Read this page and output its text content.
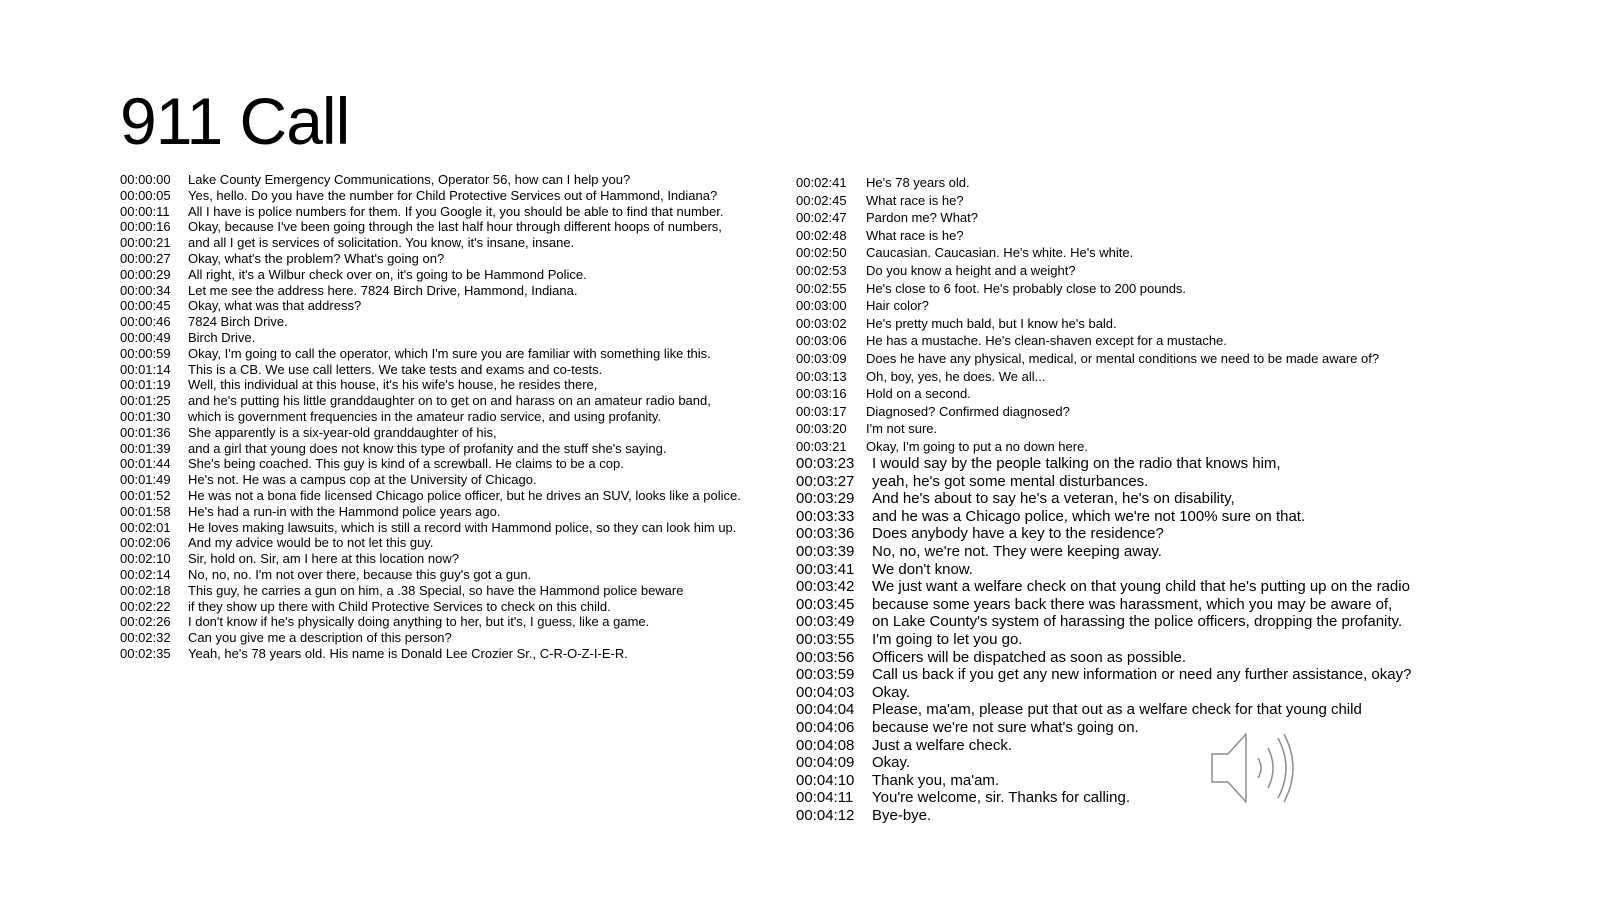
911 Call
00:00:00 Lake County Emergency Communications, Operator 56, how can I help you?
00:00:05 Yes, hello. Do you have the number for Child Protective Services out of Hammond, Indiana?
00:00:11 All I have is police numbers for them. If you Google it, you should be able to find that number.
00:00:16 Okay, because I've been going through the last half hour through different hoops of numbers,
00:00:21 and all I get is services of solicitation. You know, it's insane, insane.
00:00:27 Okay, what's the problem? What's going on?
00:00:29 All right, it's a Wilbur check over on, it's going to be Hammond Police.
00:00:34 Let me see the address here. 7824 Birch Drive, Hammond, Indiana.
00:00:45 Okay, what was that address?
00:00:46 7824 Birch Drive.
00:00:49 Birch Drive.
00:00:59 Okay, I'm going to call the operator, which I'm sure you are familiar with something like this.
00:01:14 This is a CB. We use call letters. We take tests and exams and co-tests.
00:01:19 Well, this individual at this house, it's his wife's house, he resides there,
00:01:25 and he's putting his little granddaughter on to get on and harass on an amateur radio band,
00:01:30 which is government frequencies in the amateur radio service, and using profanity.
00:01:36 She apparently is a six-year-old granddaughter of his,
00:01:39 and a girl that young does not know this type of profanity and the stuff she's saying.
00:01:44 She's being coached. This guy is kind of a screwball. He claims to be a cop.
00:01:49 He's not. He was a campus cop at the University of Chicago.
00:01:52 He was not a bona fide licensed Chicago police officer, but he drives an SUV, looks like a police.
00:01:58 He's had a run-in with the Hammond police years ago.
00:02:01 He loves making lawsuits, which is still a record with Hammond police, so they can look him up.
00:02:06 And my advice would be to not let this guy.
00:02:10 Sir, hold on. Sir, am I here at this location now?
00:02:14 No, no, no. I'm not over there, because this guy's got a gun.
00:02:18 This guy, he carries a gun on him, a .38 Special, so have the Hammond police beware
00:02:22 if they show up there with Child Protective Services to check on this child.
00:02:26 I don't know if he's physically doing anything to her, but it's, I guess, like a game.
00:02:32 Can you give me a description of this person?
00:02:35 Yeah, he's 78 years old. His name is Donald Lee Crozier Sr., C-R-O-Z-I-E-R.
00:02:41	He's 78 years old.
00:02:45	What race is he?
00:02:47	Pardon me? What?
00:02:48	What race is he?
00:02:50	Caucasian. Caucasian. He's white. He's white.
00:02:53	Do you know a height and a weight?
00:02:55	He's close to 6 foot. He's probably close to 200 pounds.
00:03:00	Hair color?
00:03:02	He's pretty much bald, but I know he's bald.
00:03:06	He has a mustache. He's clean-shaven except for a mustache.
00:03:09	Does he have any physical, medical, or mental conditions we need to be made aware of?
00:03:13	Oh, boy, yes, he does. We all...
00:03:16	Hold on a second.
00:03:17	Diagnosed? Confirmed diagnosed?
00:03:20	I'm not sure.
00:03:21	Okay, I'm going to put a no down here.
00:03:23	I would say by the people talking on the radio that knows him,
00:03:27	yeah, he's got some mental disturbances.
00:03:29	And he's about to say he's a veteran, he's on disability,
00:03:33	and he was a Chicago police, which we're not 100% sure on that.
00:03:36	Does anybody have a key to the residence?
00:03:39	No, no, we're not. They were keeping away.
00:03:41	We don't know.
00:03:42	We just want a welfare check on that young child that he's putting up on the radio
00:03:45	because some years back there was harassment, which you may be aware of,
00:03:49	on Lake County's system of harassing the police officers, dropping the profanity.
00:03:55	I'm going to let you go.
00:03:56	Officers will be dispatched as soon as possible.
00:03:59	Call us back if you get any new information or need any further assistance, okay?
00:04:03	Okay.
00:04:04	Please, ma'am, please put that out as a welfare check for that young child
00:04:06	because we're not sure what's going on.
00:04:08	Just a welfare check.
00:04:09	Okay.
00:04:10	Thank you, ma'am.
00:04:11	You're welcome, sir. Thanks for calling.
00:04:12	Bye-bye.
